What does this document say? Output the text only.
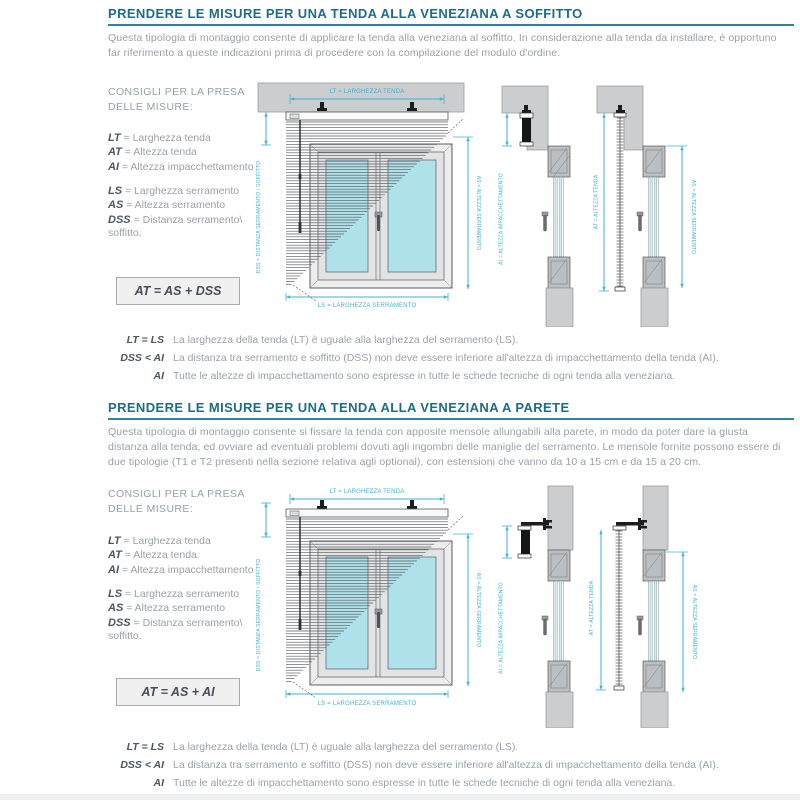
PRENDERE LE MISURE PER UNA TENDA ALLA VENEZIANA A SOFFITTO
Questa tipologia di montaggio consente di applicare la tenda alla veneziana al soffitto. In considerazione alla tenda da installare, è opportuno far riferimento a queste indicazioni prima di procedere con la compilazione del modulo d'ordine.
CONSIGLI PER LA PRESA
DELLE MISURE:
LT = Larghezza tenda
AT = Altezza tenda
AI = Altezza impacchettamento
LS = Larghezza serramento
AS = Altezza serramento
DSS = Distanza serramento\ soffitto.
AT = AS + DSS
LT = LARGHEZZA TENDA
DSS = DISTANZA SERRAMENTO \ SOFFITTO	AS = ALTEZZA SERRAMENTO
LS = LARGHEZZA SERRAMENTO
AI = ALTEZZA IMPACCHETTAMENTO	AT = ALTEZZA TENDA	AS = ALTEZZA SERRAMENTO
LT = LS La larghezza della tenda (LT) è uguale alla larghezza del serramento (LS).
DSS < AI La distanza tra serramento e soffitto (DSS) non deve essere inferiore all'altezza di impacchettamento della tenda (AI).
AI Tutte le altezze di impacchettamento sono espresse in tutte le schede tecniche di ogni tenda alla veneziana.
PRENDERE LE MISURE PER UNA TENDA ALLA VENEZIANA A PARETE
Questa tipologia di montaggio consente si fissare la tenda con apposite mensole allungabili alla parete, in modo da poter dare la giusta distanza alla tenda, ed ovviare ad eventuali problemi dovuti agli ingombri delle maniglie del serramento. Le mensole fornite possono essere di due tipologie (T1 e T2 presenti nella sezione relativa agli optional), con estensioni che vanno da 10 a 15 cm e da 15 a 20 cm.
CONSIGLI PER LA PRESA
DELLE MISURE:
LT = Larghezza tenda
AT = Altezza tenda
AI = Altezza impacchettamento
LS = Larghezza serramento
AS = Altezza serramento
DSS = Distanza serramento\ soffitto.
AT = AS + AI
LT = LARGHEZZA TENDA
DSS = DISTANZA SERRAMENTO \ SOFFITTO	AS = ALTEZZA SERRAMENTO
LS = LARGHEZZA SERRAMENTO
AI = ALTEZZA IMPACCHETTAMENTO	AT = ALTEZZA TENDA	AS = ALTEZZA SERRAMENTO
LT = LS La larghezza della tenda (LT) è uguale alla larghezza del serramento (LS).
DSS < AI La distanza tra serramento e soffitto (DSS) non deve essere inferiore all'altezza di impacchettamento della tenda (AI).
AI Tutte le altezze di impacchettamento sono espresse in tutte le schede tecniche di ogni tenda alla veneziana.
